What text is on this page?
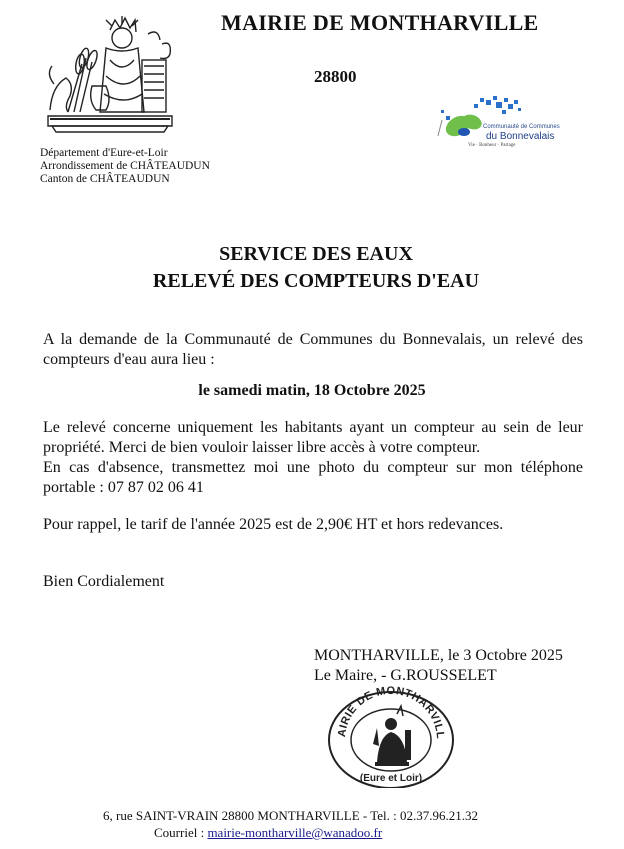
MAIRIE DE MONTHARVILLE
28800
Département d'Eure-et-Loir
Arrondissement de CHÂTEAUDUN
Canton de CHÂTEAUDUN
Communauté de Communes
du Bonnevalais
Vie · Bonheur · Partage
SERVICE DES EAUX
RELEVÉ DES COMPTEURS D'EAU
A la demande de la Communauté de Communes du Bonnevalais, un relevé des
compteurs d'eau aura lieu :
le samedi matin, 18 Octobre 2025
Le relevé concerne uniquement les habitants ayant un compteur au sein de leur
propriété. Merci de bien vouloir laisser libre accès à votre compteur.
En cas d'absence, transmettez moi une photo du compteur sur mon téléphone
portable : 07 87 02 06 41
Pour rappel, le tarif de l'année 2025 est de 2,90€ HT et hors redevances.
Bien Cordialement
MONTHARVILLE, le 3 Octobre 2025
Le Maire, - G.ROUSSELET
AIRIE DE MONTHARVILL
(Eure et Loir)
6, rue SAINT-VRAIN 28800 MONTHARVILLE - Tel. : 02.37.96.21.32
Courriel : mairie-montharville@wanadoo.fr
